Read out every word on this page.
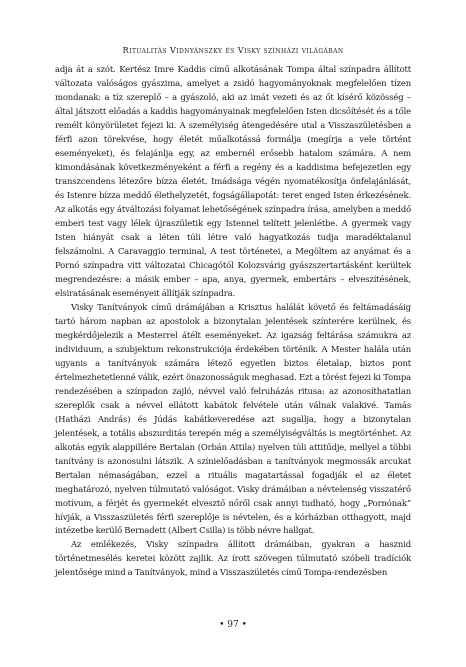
Ritualitás Vidnyánszky és Visky színházi világában

adja át a szót. Kertész Imre Kaddis című alkotásának Tompa által színpadra állított változata valóságos gyászima, amelyet a zsidó hagyományoknak megfelelően tízen mondanak: a tíz szereplő – a gyászoló, aki az imát vezeti és az őt kísérő közösség – által játszott előadás a kaddis hagyományainak megfelelően Isten dicsőítését és a tőle remélt könyörületet fejezi ki. A személyiség átengedésére utal a Visszaszületésben a férfi azon törekvése, hogy életét műalkotássá formálja (megírja a vele történt eseményeket), és felajánlja egy, az embernél erősebb hatalom számára. A nem kimondásának következményeként a férfi a regény és a kaddisima befejezetlen egy transzcendens létezőre bízza életét. Imádsága végén nyomatékosítja önfelajánlását, és Istenre bízza meddő élethelyzetét, fogságállapotát: teret enged Isten érkezésének. Az alkotás egy átváltozási folyamat lehetőségének színpadra írása, amelyben a meddő emberi test vagy lélek újraszületik egy Istennel telített jelenlétbe. A gyermek vagy Isten hiányát csak a léten túli létre való hagyatkozás tudja maradéktalanul felszámolni. A Caravaggio terminal, A test történetei, a Megöltem az anyámat és a Pornó színpadra vitt változatai Chicagótól Kolozsvárig gyászszertartásként kerültek megrendezésre: a másik ember – apa, anya, gyermek, embertárs – elveszítésének, elsiratásának eseményeit állítják színpadra.

Visky Tanítványok című drámájában a Krisztus halálát követő és feltámadásáig tartó három napban az apostolok a bizonytalan jelentések színterére kerülnek, és megkérdőjelezik a Mesterrel átélt eseményeket. Az igazság feltárása számukra az individuum, a szubjektum rekonstrukciója érdekében történik. A Mester halála után ugyanis a tanítványok számára létező egyetlen biztos életalap, biztos pont értelmezhetetlenné válik, ezért önazonosságuk meghasad. Ezt a törést fejezi ki Tompa rendezésében a színpadon zajló, névvel való felruházás ritusa: az azonosíthatatlan szereplők csak a névvel ellátott kabátok felvétele után válnak valakivé. Tamás (Hatházi András) és Júdás kabátkeveredése azt sugallja, hogy a bizonytalan jelentések, a totális abszurditás terepén még a személyiségváltás is megtörténhet. Az alkotás egyik alappillére Bertalan (Orbán Attila) nyelven túli attitűdje, mellyel a többi tanítvány is azonosulni látszik. A színielőadásban a tanítványok megmossák arcukat Bertalan némaságában, ezzel a rituális magatartással fogadják el az életet meghatározó, nyelven túlmutató valóságot. Visky drámáiban a névtelenség visszatérő motívum, a férjét és gyermekét elvesztő nőről csak annyi tudható, hogy „Pornónak” hívják, a Visszaszületés férfi szereplője is névtelen, és a kórházban otthagyott, majd intézetbe kerülő Bernadett (Albert Csilla) is több névre hallgat.

Az emlékezés, Visky színpadra állított drámáiban, gyakran a hasznid történetmesélés keretei között zajlik. Az írott szövegen túlmutató szóbeli tradíciók jelentősége mind a Tanítványok, mind a Visszaszületés című Tompa-rendezésben

• 97 •
